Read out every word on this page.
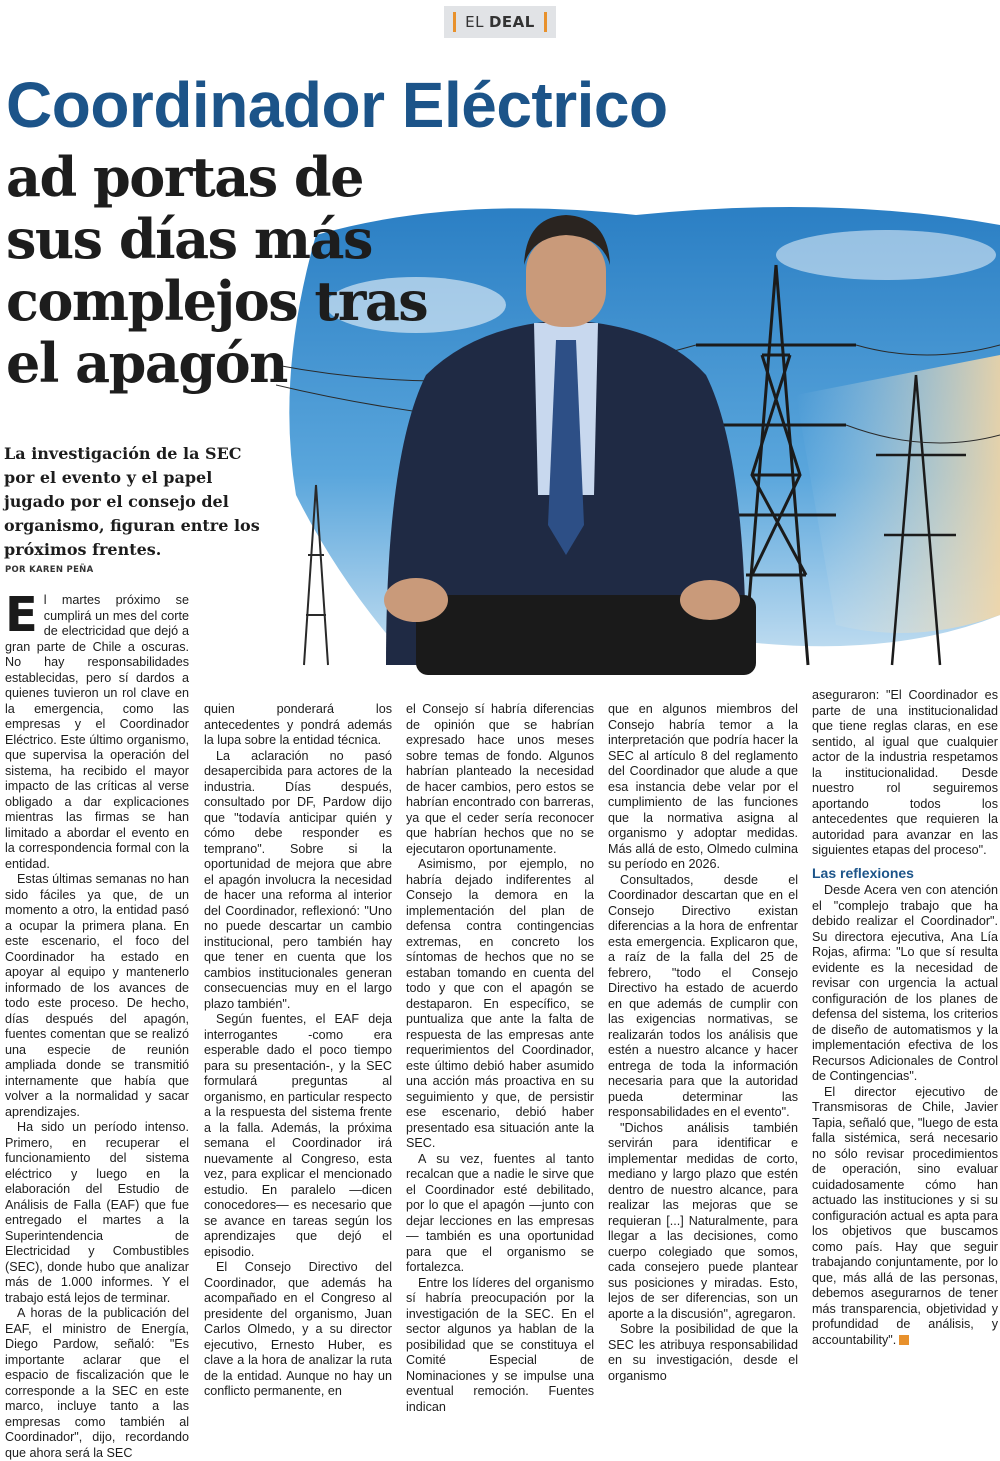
EL DEAL
Coordinador Eléctrico
ad portas de
sus días más
complejos tras
el apagón

La investigación de la SEC por el evento y el papel jugado por el consejo del organismo, figuran entre los próximos frentes.

POR KAREN PEÑA

El martes próximo se cumplirá un mes del corte de electricidad que dejó a gran parte de Chile a oscuras. No hay responsabilidades establecidas, pero sí dardos a quienes tuvieron un rol clave en la emergencia, como las empresas y el Coordinador Eléctrico. Este último organismo, que supervisa la operación del sistema, ha recibido el mayor impacto de las críticas al verse obligado a dar explicaciones mientras las firmas se han limitado a abordar el evento en la correspondencia formal con la entidad.

Estas últimas semanas no han sido fáciles ya que, de un momento a otro, la entidad pasó a ocupar la primera plana. En este escenario, el foco del Coordinador ha estado en apoyar al equipo y mantenerlo informado de los avances de todo este proceso. De hecho, días después del apagón, fuentes comentan que se realizó una especie de reunión ampliada donde se transmitió internamente que había que volver a la normalidad y sacar aprendizajes.

Ha sido un período intenso. Primero, en recuperar el funcionamiento del sistema eléctrico y luego en la elaboración del Estudio de Análisis de Falla (EAF) que fue entregado el martes a la Superintendencia de Electricidad y Combustibles (SEC), donde hubo que analizar más de 1.000 informes. Y el trabajo está lejos de terminar.

A horas de la publicación del EAF, el ministro de Energía, Diego Pardow, señaló: "Es importante aclarar que el espacio de fiscalización que le corresponde a la SEC en este marco, incluye tanto a las empresas como también al Coordinador", dijo, recordando que ahora será la SEC

quien ponderará los antecedentes y pondrá además la lupa sobre la entidad técnica.

La aclaración no pasó desapercibida para actores de la industria. Días después, consultado por DF, Pardow dijo que "todavía anticipar quién y cómo debe responder es temprano". Sobre si la oportunidad de mejora que abre el apagón involucra la necesidad de hacer una reforma al interior del Coordinador, reflexionó: "Uno no puede descartar un cambio institucional, pero también hay que tener en cuenta que los cambios institucionales generan consecuencias muy en el largo plazo también".

Según fuentes, el EAF deja interrogantes -como era esperable dado el poco tiempo para su presentación-, y la SEC formulará preguntas al organismo, en particular respecto a la respuesta del sistema frente a la falla. Además, la próxima semana el Coordinador irá nuevamente al Congreso, esta vez, para explicar el mencionado estudio. En paralelo —dicen conocedores— es necesario que se avance en tareas según los aprendizajes que dejó el episodio.

El Consejo Directivo del Coordinador, que además ha acompañado en el Congreso al presidente del organismo, Juan Carlos Olmedo, y a su director ejecutivo, Ernesto Huber, es clave a la hora de analizar la ruta de la entidad. Aunque no hay un conflicto permanente, en

el Consejo sí habría diferencias de opinión que se habrían expresado hace unos meses sobre temas de fondo. Algunos habrían planteado la necesidad de hacer cambios, pero estos se habrían encontrado con barreras, ya que el ceder sería reconocer que habrían hechos que no se ejecutaron oportunamente.

Asimismo, por ejemplo, no habría dejado indiferentes al Consejo la demora en la implementación del plan de defensa contra contingencias extremas, en concreto los síntomas de hechos que no se estaban tomando en cuenta del todo y que con el apagón se destaparon. En específico, se puntualiza que ante la falta de respuesta de las empresas ante requerimientos del Coordinador, este último debió haber asumido una acción más proactiva en su seguimiento y que, de persistir ese escenario, debió haber presentado esa situación ante la SEC.

A su vez, fuentes al tanto recalcan que a nadie le sirve que el Coordinador esté debilitado, por lo que el apagón —junto con dejar lecciones en las empresas— también es una oportunidad para que el organismo se fortalezca.

Entre los líderes del organismo sí habría preocupación por la investigación de la SEC. En el sector algunos ya hablan de la posibilidad que se constituya el Comité Especial de Nominaciones y se impulse una eventual remoción. Fuentes indican

que en algunos miembros del Consejo habría temor a la interpretación que podría hacer la SEC al artículo 8 del reglamento del Coordinador que alude a que esa instancia debe velar por el cumplimiento de las funciones que la normativa asigna al organismo y adoptar medidas. Más allá de esto, Olmedo culmina su período en 2026.

Consultados, desde el Coordinador descartan que en el Consejo Directivo existan diferencias a la hora de enfrentar esta emergencia. Explicaron que, a raíz de la falla del 25 de febrero, "todo el Consejo Directivo ha estado de acuerdo en que además de cumplir con las exigencias normativas, se realizarán todos los análisis que estén a nuestro alcance y hacer entrega de toda la información necesaria para que la autoridad pueda determinar las responsabilidades en el evento".

"Dichos análisis también servirán para identificar e implementar medidas de corto, mediano y largo plazo que estén dentro de nuestro alcance, para realizar las mejoras que se requieran [...] Naturalmente, para llegar a las decisiones, como cuerpo colegiado que somos, cada consejero puede plantear sus posiciones y miradas. Esto, lejos de ser diferencias, son un aporte a la discusión", agregaron.

Sobre la posibilidad de que la SEC les atribuya responsabilidad en su investigación, desde el organismo

aseguraron: "El Coordinador es parte de una institucionalidad que tiene reglas claras, en ese sentido, al igual que cualquier actor de la industria respetamos la institucionalidad. Desde nuestro rol seguiremos aportando todos los antecedentes que requieren la autoridad para avanzar en las siguientes etapas del proceso".

Las reflexiones

Desde Acera ven con atención el "complejo trabajo que ha debido realizar el Coordinador". Su directora ejecutiva, Ana Lía Rojas, afirma: "Lo que sí resulta evidente es la necesidad de revisar con urgencia la actual configuración de los planes de defensa del sistema, los criterios de diseño de automatismos y la implementación efectiva de los Recursos Adicionales de Control de Contingencias".

El director ejecutivo de Transmisoras de Chile, Javier Tapia, señaló que, "luego de esta falla sistémica, será necesario no sólo revisar procedimientos de operación, sino evaluar cuidadosamente cómo han actuado las instituciones y si su configuración actual es apta para los objetivos que buscamos como país. Hay que seguir trabajando conjuntamente, por lo que, más allá de las personas, debemos asegurarnos de tener más transparencia, objetividad y profundidad de análisis, y accountability".
